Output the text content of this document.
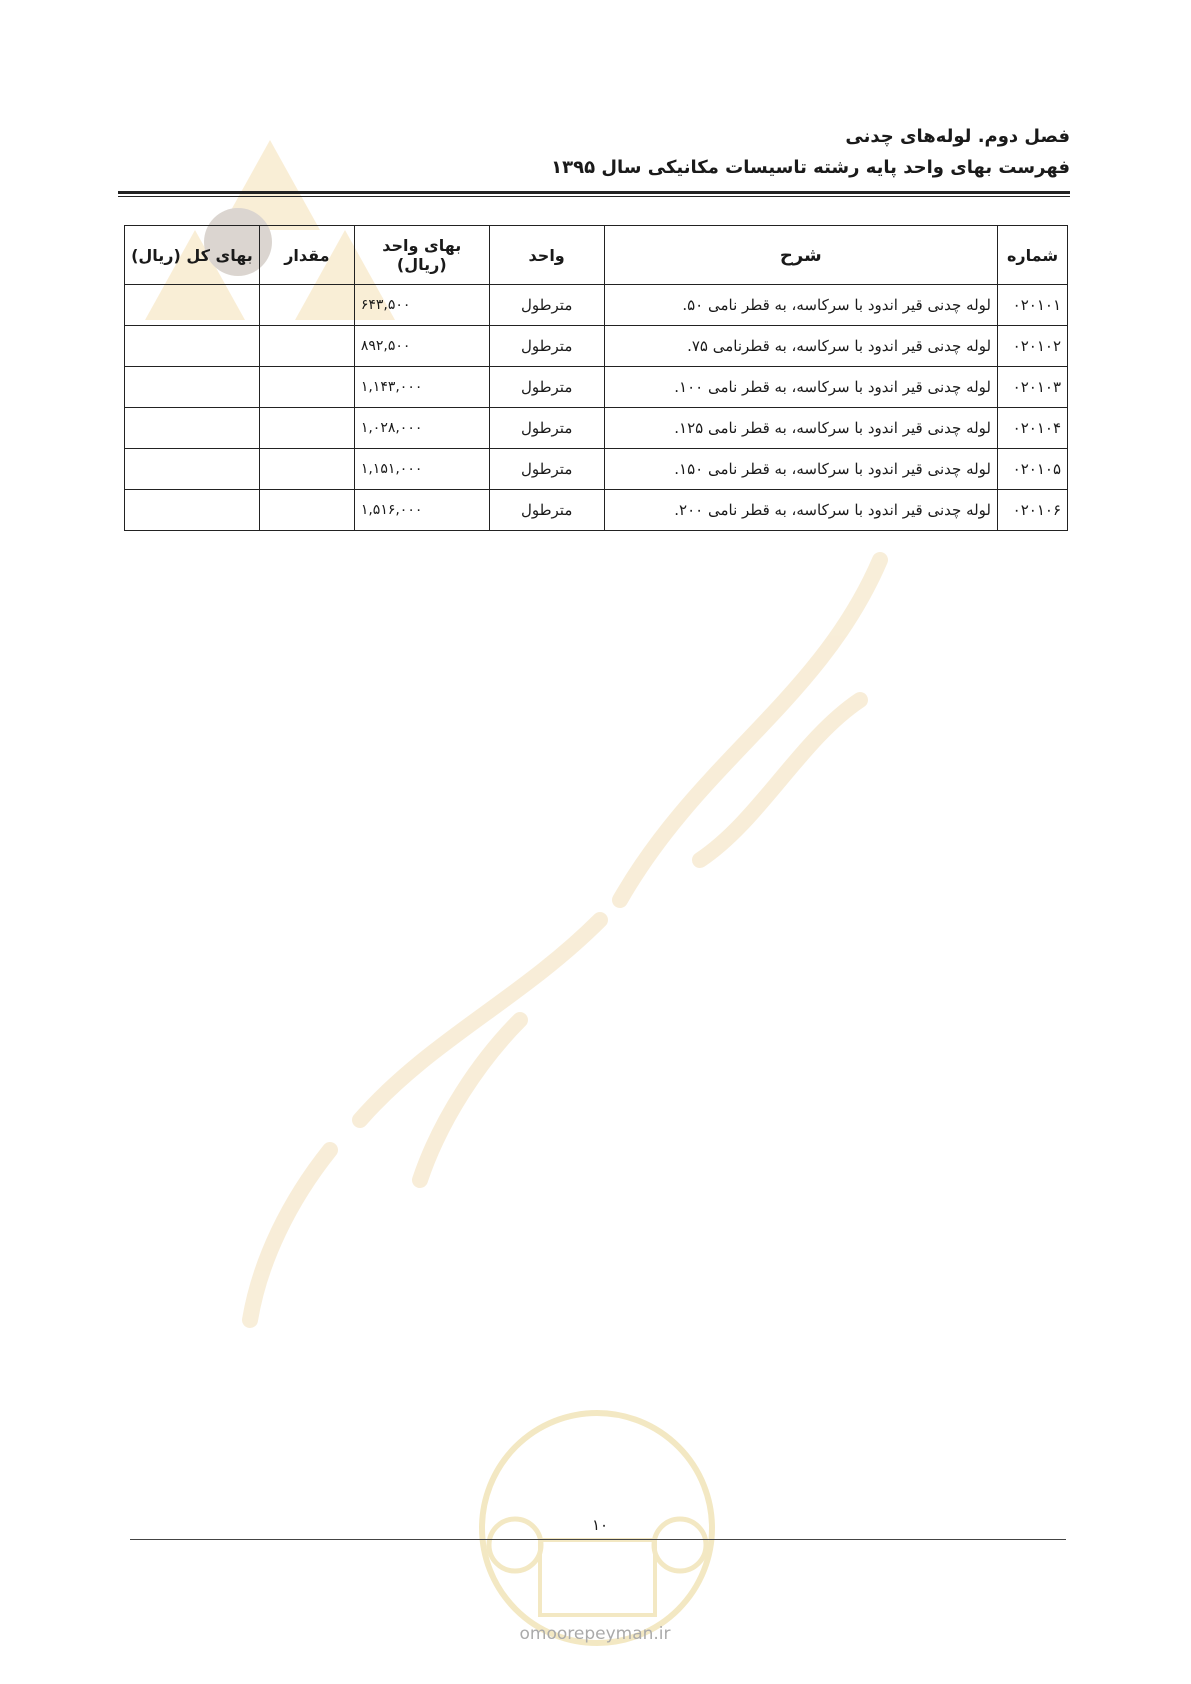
فصل دوم. لوله‌های چدنی
فهرست بهای واحد پایه رشته تاسیسات مکانیکی سال ۱۳۹۵
شماره	شرح	واحد	بهای واحد (ریال)	مقدار	بهای کل (ریال)
۰۲۰۱۰۱	لوله چدنی قیر اندود با سرکاسه، به قطر نامی ۵۰.	مترطول	۶۴۳,۵۰۰		
۰۲۰۱۰۲	لوله چدنی قیر اندود با سرکاسه، به قطرنامی ۷۵.	مترطول	۸۹۲,۵۰۰		
۰۲۰۱۰۳	لوله چدنی قیر اندود با سرکاسه، به قطر نامی ۱۰۰.	مترطول	۱,۱۴۳,۰۰۰		
۰۲۰۱۰۴	لوله چدنی قیر اندود با سرکاسه، به قطر نامی ۱۲۵.	مترطول	۱,۰۲۸,۰۰۰		
۰۲۰۱۰۵	لوله چدنی قیر اندود با سرکاسه، به قطر نامی ۱۵۰.	مترطول	۱,۱۵۱,۰۰۰		
۰۲۰۱۰۶	لوله چدنی قیر اندود با سرکاسه، به قطر نامی ۲۰۰.	مترطول	۱,۵۱۶,۰۰۰		
۱۰
omoorepeyman.ir
